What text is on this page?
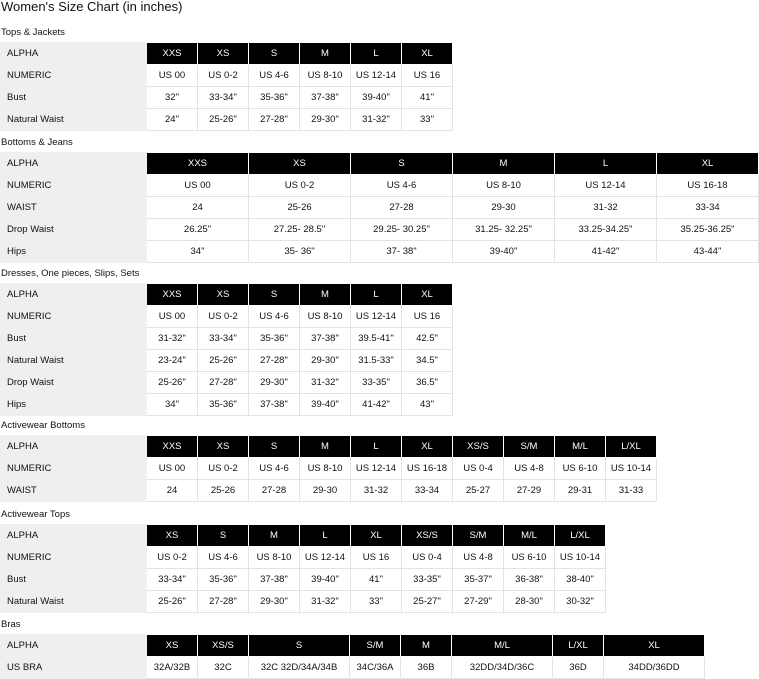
Women's Size Chart (in inches)
Tops & Jackets
ALPHA	XXS	XS	S	M	L	XL
NUMERIC	US 00	US 0-2	US 4-6	US 8-10	US 12-14	US 16
Bust	32"	33-34"	35-36"	37-38"	39-40"	41"
Natural Waist	24"	25-26"	27-28"	29-30"	31-32"	33"
Bottoms & Jeans
ALPHA	XXS	XS	S	M	L	XL
NUMERIC	US 00	US 0-2	US 4-6	US 8-10	US 12-14	US 16-18
WAIST	24	25-26	27-28	29-30	31-32	33-34
Drop Waist	26.25"	27.25- 28.5"	29.25- 30.25"	31.25- 32.25"	33.25-34.25"	35.25-36.25"
Hips	34"	35- 36"	37- 38"	39-40"	41-42"	43-44"
Dresses, One pieces, Slips, Sets
ALPHA	XXS	XS	S	M	L	XL
NUMERIC	US 00	US 0-2	US 4-6	US 8-10	US 12-14	US 16
Bust	31-32"	33-34"	35-36"	37-38"	39.5-41"	42.5"
Natural Waist	23-24"	25-26"	27-28"	29-30"	31.5-33"	34.5"
Drop Waist	25-26"	27-28"	29-30"	31-32"	33-35"	36.5"
Hips	34"	35-36"	37-38"	39-40"	41-42"	43"
Activewear Bottoms
ALPHA	XXS	XS	S	M	L	XL	XS/S	S/M	M/L	L/XL
NUMERIC	US 00	US 0-2	US 4-6	US 8-10	US 12-14	US 16-18	US 0-4	US 4-8	US 6-10	US 10-14
WAIST	24	25-26	27-28	29-30	31-32	33-34	25-27	27-29	29-31	31-33
Activewear Tops
ALPHA	XS	S	M	L	XL	XS/S	S/M	M/L	L/XL
NUMERIC	US 0-2	US 4-6	US 8-10	US 12-14	US 16	US 0-4	US 4-8	US 6-10	US 10-14
Bust	33-34"	35-36"	37-38"	39-40"	41"	33-35"	35-37"	36-38"	38-40"
Natural Waist	25-26"	27-28"	29-30"	31-32"	33"	25-27"	27-29"	28-30"	30-32"
Bras
ALPHA	XS	XS/S	S	S/M	M	M/L	L/XL	XL
US BRA	32A/32B	32C	32C 32D/34A/34B	34C/36A	36B	32DD/34D/36C	36D	34DD/36DD
